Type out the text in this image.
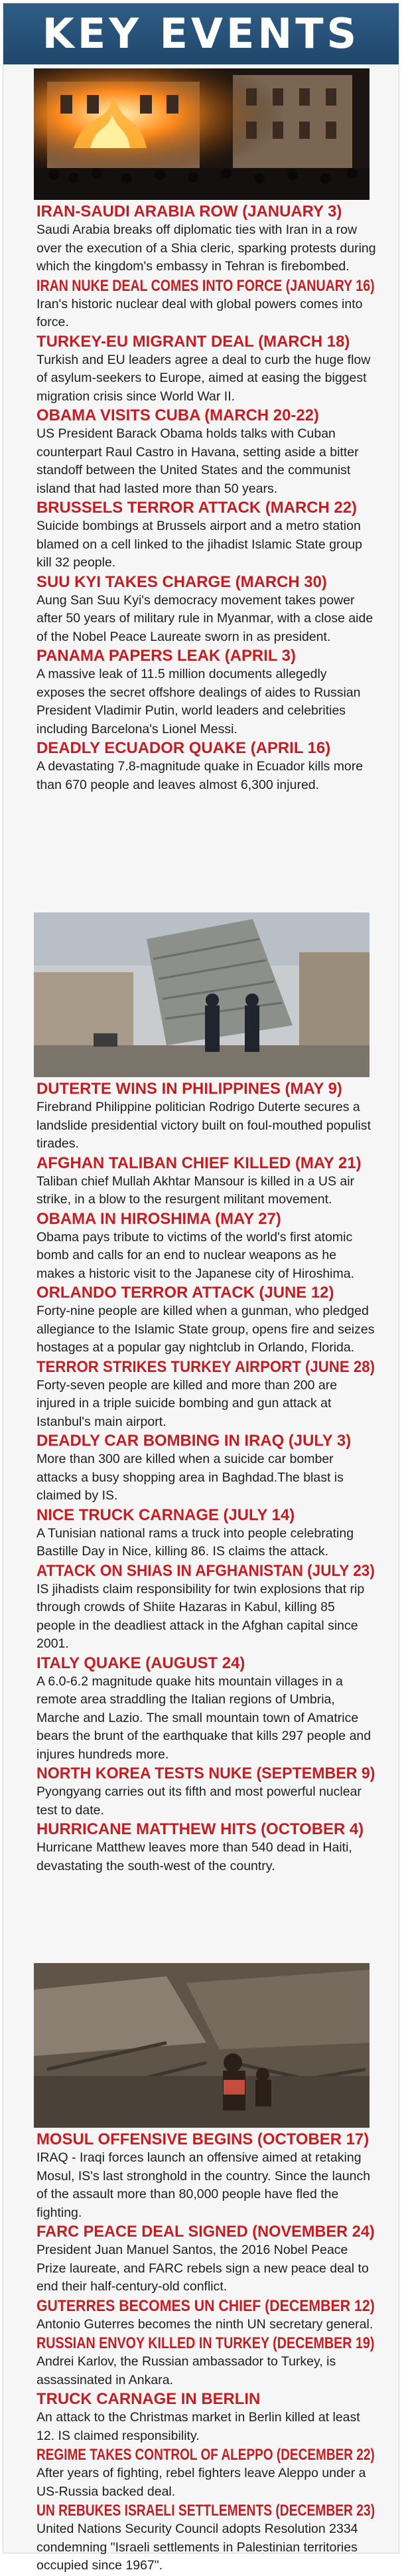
KEY EVENTS
IRAN-SAUDI ARABIA ROW (JANUARY 3)
Saudi Arabia breaks off diplomatic ties with Iran in a row over the execution of a Shia cleric, sparking protests during which the kingdom's embassy in Tehran is firebombed.
IRAN NUKE DEAL COMES INTO FORCE (JANUARY 16)
Iran's historic nuclear deal with global powers comes into force.
TURKEY-EU MIGRANT DEAL (MARCH 18)
Turkish and EU leaders agree a deal to curb the huge flow of asylum-seekers to Europe, aimed at easing the biggest migration crisis since World War II.
OBAMA VISITS CUBA (MARCH 20-22)
US President Barack Obama holds talks with Cuban counterpart Raul Castro in Havana, setting aside a bitter standoff between the United States and the communist island that had lasted more than 50 years.
BRUSSELS TERROR ATTACK (MARCH 22)
Suicide bombings at Brussels airport and a metro station blamed on a cell linked to the jihadist Islamic State group kill 32 people.
SUU KYI TAKES CHARGE (MARCH 30)
Aung San Suu Kyi's democracy movement takes power after 50 years of military rule in Myanmar, with a close aide of the Nobel Peace Laureate sworn in as president.
PANAMA PAPERS LEAK (APRIL 3)
A massive leak of 11.5 million documents allegedly exposes the secret offshore dealings of aides to Russian President Vladimir Putin, world leaders and celebrities including Barcelona's Lionel Messi.
DEADLY ECUADOR QUAKE (APRIL 16)
A devastating 7.8-magnitude quake in Ecuador kills more than 670 people and leaves almost 6,300 injured.
DUTERTE WINS IN PHILIPPINES (MAY 9)
Firebrand Philippine politician Rodrigo Duterte secures a landslide presidential victory built on foul-mouthed populist tirades.
AFGHAN TALIBAN CHIEF KILLED (MAY 21)
Taliban chief Mullah Akhtar Mansour is killed in a US air strike, in a blow to the resurgent militant movement.
OBAMA IN HIROSHIMA (MAY 27)
Obama pays tribute to victims of the world's first atomic bomb and calls for an end to nuclear weapons as he makes a historic visit to the Japanese city of Hiroshima.
ORLANDO TERROR ATTACK (JUNE 12)
Forty-nine people are killed when a gunman, who pledged allegiance to the Islamic State group, opens fire and seizes hostages at a popular gay nightclub in Orlando, Florida.
TERROR STRIKES TURKEY AIRPORT (JUNE 28)
Forty-seven people are killed and more than 200 are injured in a triple suicide bombing and gun attack at Istanbul's main airport.
DEADLY CAR BOMBING IN IRAQ (JULY 3)
More than 300 are killed when a suicide car bomber attacks a busy shopping area in Baghdad.The blast is claimed by IS.
NICE TRUCK CARNAGE (JULY 14)
A Tunisian national rams a truck into people celebrating Bastille Day in Nice, killing 86. IS claims the attack.
ATTACK ON SHIAS IN AFGHANISTAN (JULY 23)
IS jihadists claim responsibility for twin explosions that rip through crowds of Shiite Hazaras in Kabul, killing 85 people in the deadliest attack in the Afghan capital since 2001.
ITALY QUAKE (AUGUST 24)
A 6.0-6.2 magnitude quake hits mountain villages in a remote area straddling the Italian regions of Umbria, Marche and Lazio. The small mountain town of Amatrice bears the brunt of the earthquake that kills 297 people and injures hundreds more.
NORTH KOREA TESTS NUKE (SEPTEMBER 9)
Pyongyang carries out its fifth and most powerful nuclear test to date.
HURRICANE MATTHEW HITS (OCTOBER 4)
Hurricane Matthew leaves more than 540 dead in Haiti, devastating the south-west of the country.
MOSUL OFFENSIVE BEGINS (OCTOBER 17)
IRAQ - Iraqi forces launch an offensive aimed at retaking Mosul, IS's last stronghold in the country. Since the launch of the assault more than 80,000 people have fled the fighting.
FARC PEACE DEAL SIGNED (NOVEMBER 24)
President Juan Manuel Santos, the 2016 Nobel Peace Prize laureate, and FARC rebels sign a new peace deal to end their half-century-old conflict.
GUTERRES BECOMES UN CHIEF (DECEMBER 12)
Antonio Guterres becomes the ninth UN secretary general.
RUSSIAN ENVOY KILLED IN TURKEY (DECEMBER 19)
Andrei Karlov, the Russian ambassador to Turkey, is assassinated in Ankara.
TRUCK CARNAGE IN BERLIN
An attack to the Christmas market in Berlin killed at least 12. IS claimed responsibility.
REGIME TAKES CONTROL OF ALEPPO (DECEMBER 22)
After years of fighting, rebel fighters leave Aleppo under a US-Russia backed deal.
UN REBUKES ISRAELI SETTLEMENTS (DECEMBER 23)
United Nations Security Council adopts Resolution 2334 condemning "Israeli settlements in Palestinian territories occupied since 1967".
